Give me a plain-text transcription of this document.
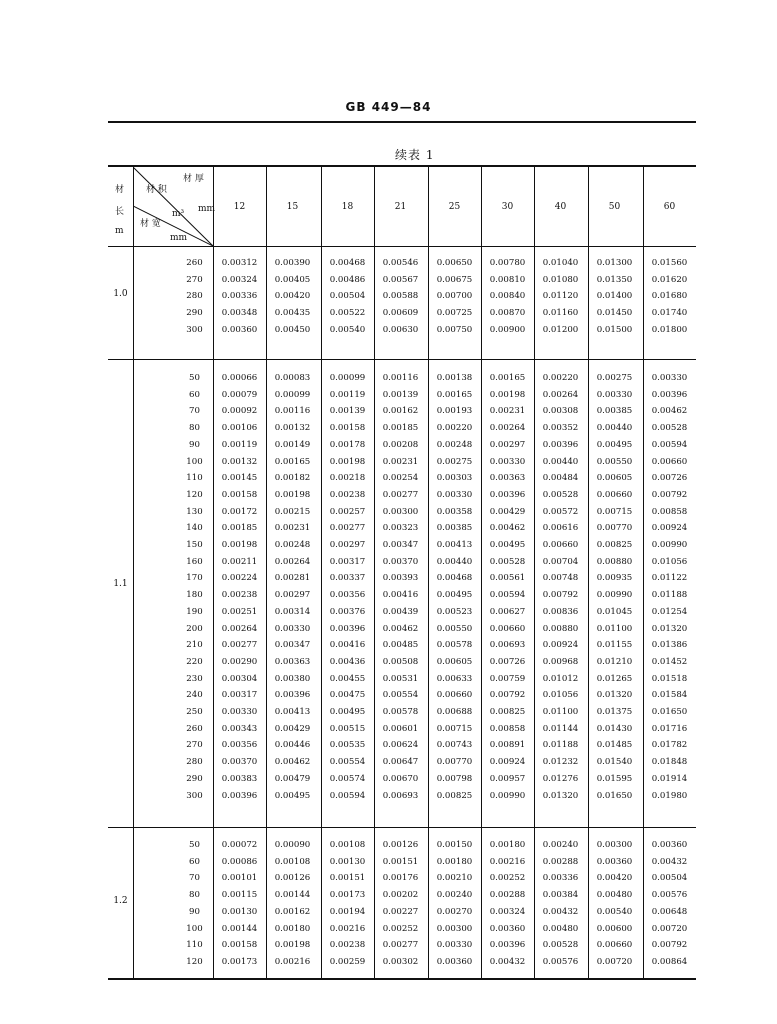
GB 449—84
续表 1
材
长
m
材 厚
mm
材 积
m³
材 宽
mm
12	15	18	21	25	30	40	50	60
1.0
260	0.00312	0.00390	0.00468	0.00546	0.00650	0.00780	0.01040	0.01300	0.01560
270	0.00324	0.00405	0.00486	0.00567	0.00675	0.00810	0.01080	0.01350	0.01620
280	0.00336	0.00420	0.00504	0.00588	0.00700	0.00840	0.01120	0.01400	0.01680
290	0.00348	0.00435	0.00522	0.00609	0.00725	0.00870	0.01160	0.01450	0.01740
300	0.00360	0.00450	0.00540	0.00630	0.00750	0.00900	0.01200	0.01500	0.01800
1.1
50	0.00066	0.00083	0.00099	0.00116	0.00138	0.00165	0.00220	0.00275	0.00330
60	0.00079	0.00099	0.00119	0.00139	0.00165	0.00198	0.00264	0.00330	0.00396
70	0.00092	0.00116	0.00139	0.00162	0.00193	0.00231	0.00308	0.00385	0.00462
80	0.00106	0.00132	0.00158	0.00185	0.00220	0.00264	0.00352	0.00440	0.00528
90	0.00119	0.00149	0.00178	0.00208	0.00248	0.00297	0.00396	0.00495	0.00594
100	0.00132	0.00165	0.00198	0.00231	0.00275	0.00330	0.00440	0.00550	0.00660
110	0.00145	0.00182	0.00218	0.00254	0.00303	0.00363	0.00484	0.00605	0.00726
120	0.00158	0.00198	0.00238	0.00277	0.00330	0.00396	0.00528	0.00660	0.00792
130	0.00172	0.00215	0.00257	0.00300	0.00358	0.00429	0.00572	0.00715	0.00858
140	0.00185	0.00231	0.00277	0.00323	0.00385	0.00462	0.00616	0.00770	0.00924
150	0.00198	0.00248	0.00297	0.00347	0.00413	0.00495	0.00660	0.00825	0.00990
160	0.00211	0.00264	0.00317	0.00370	0.00440	0.00528	0.00704	0.00880	0.01056
170	0.00224	0.00281	0.00337	0.00393	0.00468	0.00561	0.00748	0.00935	0.01122
180	0.00238	0.00297	0.00356	0.00416	0.00495	0.00594	0.00792	0.00990	0.01188
190	0.00251	0.00314	0.00376	0.00439	0.00523	0.00627	0.00836	0.01045	0.01254
200	0.00264	0.00330	0.00396	0.00462	0.00550	0.00660	0.00880	0.01100	0.01320
210	0.00277	0.00347	0.00416	0.00485	0.00578	0.00693	0.00924	0.01155	0.01386
220	0.00290	0.00363	0.00436	0.00508	0.00605	0.00726	0.00968	0.01210	0.01452
230	0.00304	0.00380	0.00455	0.00531	0.00633	0.00759	0.01012	0.01265	0.01518
240	0.00317	0.00396	0.00475	0.00554	0.00660	0.00792	0.01056	0.01320	0.01584
250	0.00330	0.00413	0.00495	0.00578	0.00688	0.00825	0.01100	0.01375	0.01650
260	0.00343	0.00429	0.00515	0.00601	0.00715	0.00858	0.01144	0.01430	0.01716
270	0.00356	0.00446	0.00535	0.00624	0.00743	0.00891	0.01188	0.01485	0.01782
280	0.00370	0.00462	0.00554	0.00647	0.00770	0.00924	0.01232	0.01540	0.01848
290	0.00383	0.00479	0.00574	0.00670	0.00798	0.00957	0.01276	0.01595	0.01914
300	0.00396	0.00495	0.00594	0.00693	0.00825	0.00990	0.01320	0.01650	0.01980
1.2
50	0.00072	0.00090	0.00108	0.00126	0.00150	0.00180	0.00240	0.00300	0.00360
60	0.00086	0.00108	0.00130	0.00151	0.00180	0.00216	0.00288	0.00360	0.00432
70	0.00101	0.00126	0.00151	0.00176	0.00210	0.00252	0.00336	0.00420	0.00504
80	0.00115	0.00144	0.00173	0.00202	0.00240	0.00288	0.00384	0.00480	0.00576
90	0.00130	0.00162	0.00194	0.00227	0.00270	0.00324	0.00432	0.00540	0.00648
100	0.00144	0.00180	0.00216	0.00252	0.00300	0.00360	0.00480	0.00600	0.00720
110	0.00158	0.00198	0.00238	0.00277	0.00330	0.00396	0.00528	0.00660	0.00792
120	0.00173	0.00216	0.00259	0.00302	0.00360	0.00432	0.00576	0.00720	0.00864
